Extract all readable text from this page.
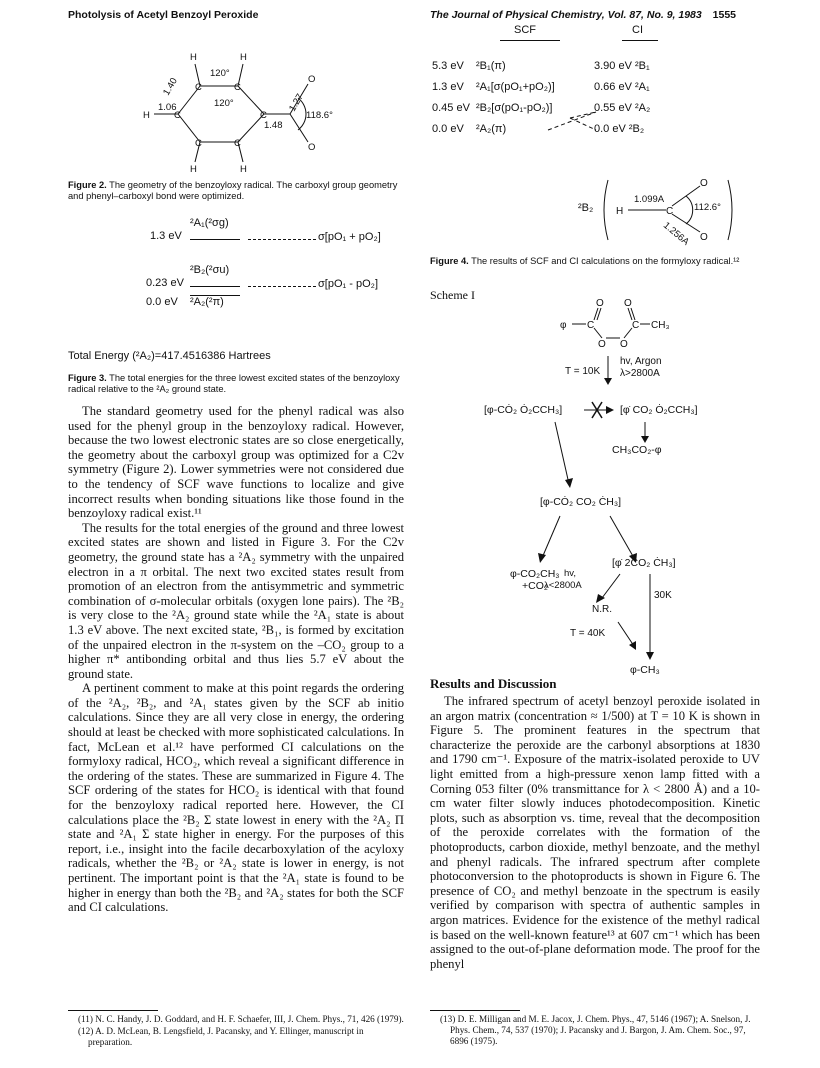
Photolysis of Acetyl Benzoyl Peroxide	The Journal of Physical Chemistry, Vol. 87, No. 9, 1983 1555
H	H
120°
120°
C	C
C	C
C	C
H
1.06
1.40
1.48
1.27
118.6°
O
O
H	H
Figure 2. The geometry of the benzoyloxy radical. The carboxyl group geometry and phenyl–carboxyl bond were optimized.
1.3 eV
²A₁(²σg)
σ[pO₁ + pO₂]
0.23 eV
²B₂(²σu)
σ[pO₁ - pO₂]
0.0 eV ²A₂(²π)
Total Energy (²A₂)=417.4516386 Hartrees
Figure 3. The total energies for the three lowest excited states of the benzoyloxy radical relative to the ²A₂ ground state.

The standard geometry used for the phenyl radical was also used for the phenyl group in the benzoyloxy radical. However, because the two lowest electronic states are so close energetically, the geometry about the carboxyl group was optimized for a C2v symmetry (Figure 2). Lower symmetries were not considered due to the tendency of SCF wave functions to localize and give incorrect results when bonding situations like those found in the benzoyloxy radical exist.¹¹

The results for the total energies of the ground and three lowest excited states are shown and listed in Figure 3. For the C2v geometry, the ground state has a ²A₂ symmetry with the unpaired electron in a π orbital. The next two excited states result from promotion of an electron from the antisymmetric and symmetric combination of σ-molecular orbitals (oxygen lone pairs). The ²B₂ is very close to the ²A₂ ground state while the ²A₁ state is about 1.3 eV above. The next excited state, ²B₁, is formed by excitation of the unpaired electron in the π-system on the –CO₂ group to a higher π* antibonding orbital and thus lies 5.7 eV about the ground state.

A pertinent comment to make at this point regards the ordering of the ²A₂, ²B₂, and ²A₁ states given by the SCF ab initio calculations. Since they are all very close in energy, the ordering should at least be checked with more sophisticated calculations. In fact, McLean et al.¹² have performed CI calculations on the formyloxy radical, HCO₂, which reveal a significant difference in the ordering of the states. These are summarized in Figure 4. The SCF ordering of the states for HCO₂ is identical with that found for the benzoyloxy radical reported here. However, the CI calculations place the ²B₂ Σ state lowest in enery with the ²A₂ Π state and ²A₁ Σ state higher in energy. For the purposes of this report, i.e., insight into the facile decarboxylation of the acyloxy radicals, whether the ²B₂ or ²A₂ state is lower in energy, is not pertinent. The important point is that the ²A₁ state is found to be higher in energy than both the ²B₂ and ²A₂ states for both the SCF and CI calculations.

(11) N. C. Handy, J. D. Goddard, and H. F. Schaefer, III, J. Chem. Phys., 71, 426 (1979).
(12) A. D. McLean, B. Lengsfield, J. Pacansky, and Y. Ellinger, manuscript in preparation.
SCF	CI
5.3 eV ²B₁(π)	3.90 eV ²B₁
1.3 eV ²A₁[σ(pO₁+pO₂)]	0.66 eV ²A₁
0.45 eV ²B₂[σ(pO₁-pO₂)]	0.55 eV ²A₂
0.0 eV ²A₂(π)	0.0 eV ²B₂
²B₂ H	C
O
O
1.099A
112.6°
1.256A
Figure 4. The results of SCF and CI calculations on the formyloxy radical.¹²
Scheme I
φ C
O O
O O
C CH₃
T = 10K
hv, Argon
λ>2800A
[φ-CȮ₂ Ȯ₂CCH₃]	[φ̇ CO₂ Ȯ₂CCH₃]
CH₃CO₂-φ
[φ-CȮ₂ CO₂ ĊH₃]
φ-CO₂CH₃
+CO₂
[φ̇ 2CO₂ ĊH₃]
hv,
λ<2800A
30K
N.R.
T = 40K
φ-CH₃
Results and Discussion

The infrared spectrum of acetyl benzoyl peroxide isolated in an argon matrix (concentration ≈ 1/500) at T = 10 K is shown in Figure 5. The prominent features in the spectrum that characterize the peroxide are the carbonyl absorptions at 1830 and 1790 cm⁻¹. Exposure of the matrix-isolated peroxide to UV light emitted from a high-pressure xenon lamp fitted with a Corning 053 filter (0% transmittance for λ < 2800 Å) and a 10-cm water filter slowly induces photodecomposition. Kinetic plots, such as absorption vs. time, reveal that the decomposition of the peroxide correlates with the formation of the photoproducts, carbon dioxide, methyl benzoate, and the methyl and phenyl radicals. The infrared spectrum after complete photoconversion to the photoproducts is shown in Figure 6. The presence of CO₂ and methyl benzoate in the spectrum is easily verified by comparison with spectra of authentic samples in argon matrices. Evidence for the existence of the methyl radical is based on the well-known feature¹³ at 607 cm⁻¹ which has been assigned to the out-of-plane deformation mode. The proof for the phenyl

(13) D. E. Milligan and M. E. Jacox, J. Chem. Phys., 47, 5146 (1967); A. Snelson, J. Phys. Chem., 74, 537 (1970); J. Pacansky and J. Bargon, J. Am. Chem. Soc., 97, 6896 (1975).
